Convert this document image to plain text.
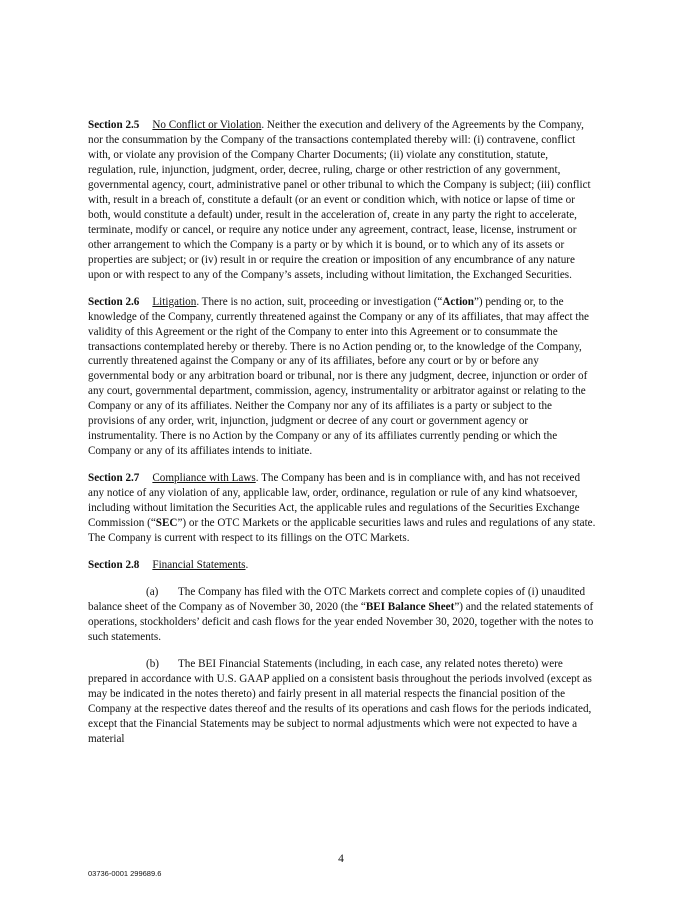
Section 2.5 No Conflict or Violation. Neither the execution and delivery of the Agreements by the Company, nor the consummation by the Company of the transactions contemplated thereby will: (i) contravene, conflict with, or violate any provision of the Company Charter Documents; (ii) violate any constitution, statute, regulation, rule, injunction, judgment, order, decree, ruling, charge or other restriction of any government, governmental agency, court, administrative panel or other tribunal to which the Company is subject; (iii) conflict with, result in a breach of, constitute a default (or an event or condition which, with notice or lapse of time or both, would constitute a default) under, result in the acceleration of, create in any party the right to accelerate, terminate, modify or cancel, or require any notice under any agreement, contract, lease, license, instrument or other arrangement to which the Company is a party or by which it is bound, or to which any of its assets or properties are subject; or (iv) result in or require the creation or imposition of any encumbrance of any nature upon or with respect to any of the Company’s assets, including without limitation, the Exchanged Securities.

Section 2.6 Litigation. There is no action, suit, proceeding or investigation (“Action”) pending or, to the knowledge of the Company, currently threatened against the Company or any of its affiliates, that may affect the validity of this Agreement or the right of the Company to enter into this Agreement or to consummate the transactions contemplated hereby or thereby. There is no Action pending or, to the knowledge of the Company, currently threatened against the Company or any of its affiliates, before any court or by or before any governmental body or any arbitration board or tribunal, nor is there any judgment, decree, injunction or order of any court, governmental department, commission, agency, instrumentality or arbitrator against or relating to the Company or any of its affiliates. Neither the Company nor any of its affiliates is a party or subject to the provisions of any order, writ, injunction, judgment or decree of any court or government agency or instrumentality. There is no Action by the Company or any of its affiliates currently pending or which the Company or any of its affiliates intends to initiate.

Section 2.7 Compliance with Laws. The Company has been and is in compliance with, and has not received any notice of any violation of any, applicable law, order, ordinance, regulation or rule of any kind whatsoever, including without limitation the Securities Act, the applicable rules and regulations of the Securities Exchange Commission (“SEC”) or the OTC Markets or the applicable securities laws and rules and regulations of any state. The Company is current with respect to its fillings on the OTC Markets.

Section 2.8 Financial Statements.

(a) The Company has filed with the OTC Markets correct and complete copies of (i) unaudited balance sheet of the Company as of November 30, 2020 (the “BEI Balance Sheet”) and the related statements of operations, stockholders’ deficit and cash flows for the year ended November 30, 2020, together with the notes to such statements.

(b) The BEI Financial Statements (including, in each case, any related notes thereto) were prepared in accordance with U.S. GAAP applied on a consistent basis throughout the periods involved (except as may be indicated in the notes thereto) and fairly present in all material respects the financial position of the Company at the respective dates thereof and the results of its operations and cash flows for the periods indicated, except that the Financial Statements may be subject to normal adjustments which were not expected to have a material

4
03736-0001 299689.6
